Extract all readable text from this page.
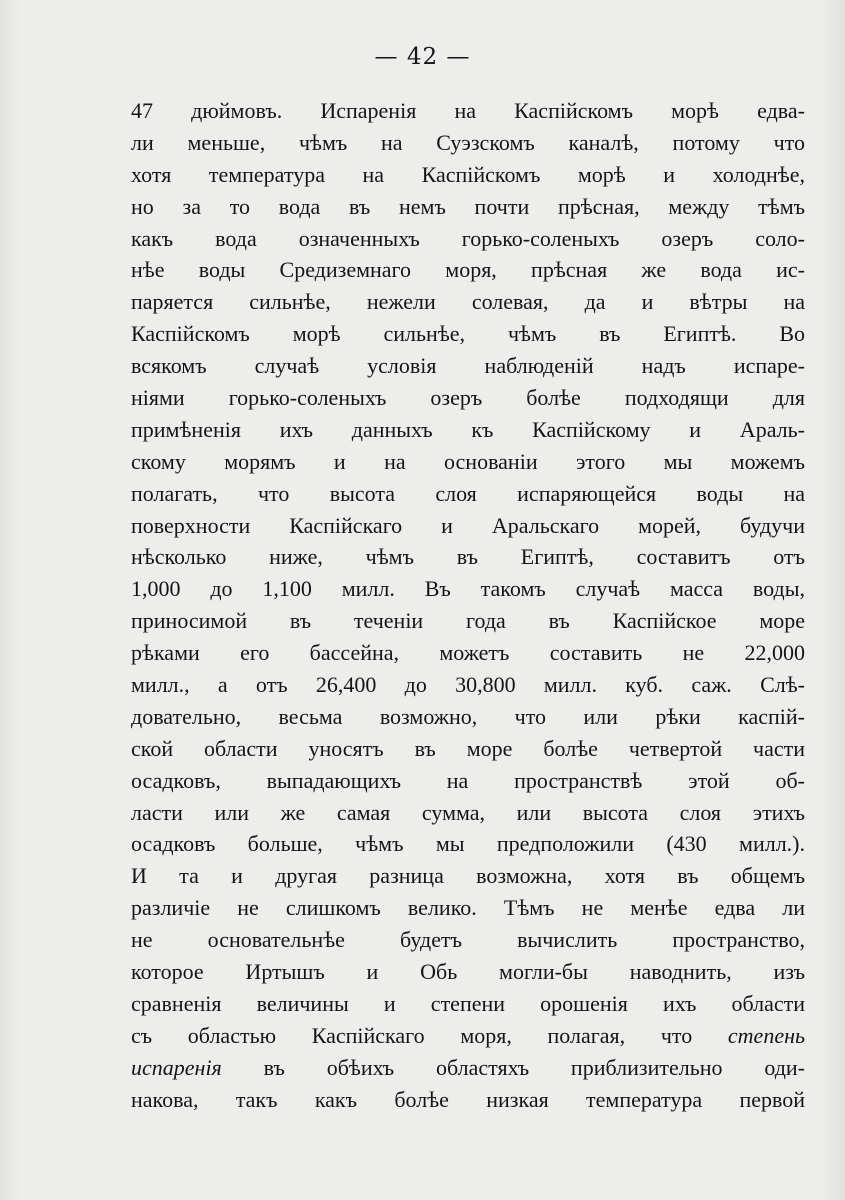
— 42 —
47 дюймовъ. Испаренія на Каспійскомъ морѣ едва-
ли меньше, чѣмъ на Суэзскомъ каналѣ, потому что
хотя температура на Каспійскомъ морѣ и холоднѣе,
но за то вода въ немъ почти прѣсная, между тѣмъ
какъ вода означенныхъ горько-соленыхъ озеръ соло-
нѣе воды Средиземнаго моря, прѣсная же вода ис-
паряется сильнѣе, нежели солевая, да и вѣтры на
Каспійскомъ морѣ сильнѣе, чѣмъ въ Египтѣ. Во
всякомъ случаѣ условія наблюденій надъ испаре-
ніями горько-соленыхъ озеръ болѣе подходящи для
примѣненія ихъ данныхъ къ Каспійскому и Араль-
скому морямъ и на основаніи этого мы можемъ
полагать, что высота слоя испаряющейся воды на
поверхности Каспійскаго и Аральскаго морей, будучи
нѣсколько ниже, чѣмъ въ Египтѣ, составитъ отъ
1,000 до 1,100 милл. Въ такомъ случаѣ масса воды,
приносимой въ теченіи года въ Каспійское море
рѣками его бассейна, можетъ составить не 22,000
милл., а отъ 26,400 до 30,800 милл. куб. саж. Слѣ-
довательно, весьма возможно, что или рѣки каспій-
ской области уносятъ въ море болѣе четвертой части
осадковъ, выпадающихъ на пространствѣ этой об-
ласти или же самая сумма, или высота слоя этихъ
осадковъ больше, чѣмъ мы предположили (430 милл.).
И та и другая разница возможна, хотя въ общемъ
различіе не слишкомъ велико. Тѣмъ не менѣе едва ли
не основательнѣе будетъ вычислить пространство,
которое Иртышъ и Обь могли-бы наводнить, изъ
сравненія величины и степени орошенія ихъ области
съ областью Каспійскаго моря, полагая, что степень
испаренія въ обѣихъ областяхъ приблизительно оди-
накова, такъ какъ болѣе низкая температура первой
